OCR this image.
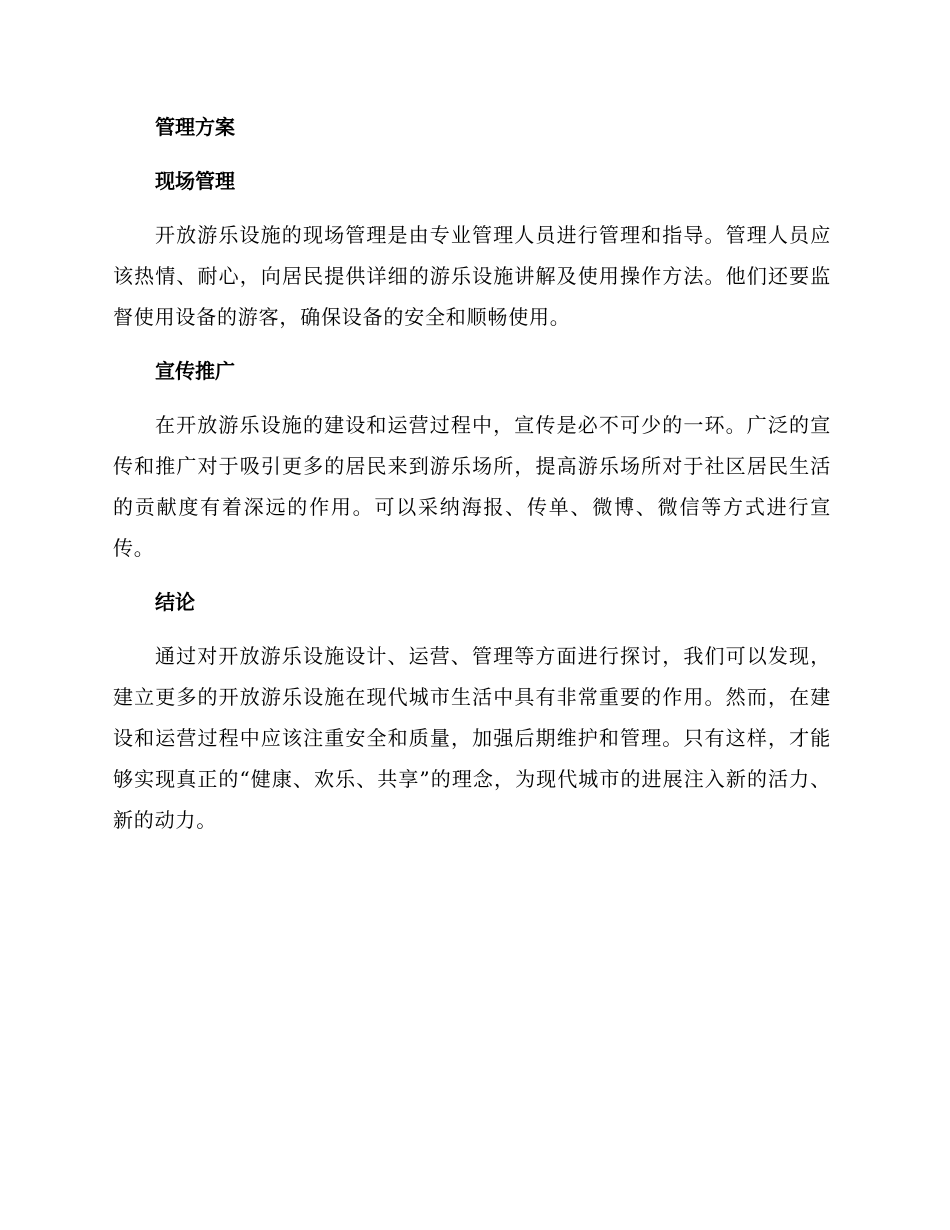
管理方案
现场管理
开放游乐设施的现场管理是由专业管理人员进行管理和指导。管理人员应该热情、耐心，向居民提供详细的游乐设施讲解及使用操作方法。他们还要监督使用设备的游客，确保设备的安全和顺畅使用。
宣传推广
在开放游乐设施的建设和运营过程中，宣传是必不可少的一环。广泛的宣传和推广对于吸引更多的居民来到游乐场所，提高游乐场所对于社区居民生活的贡献度有着深远的作用。可以采纳海报、传单、微博、微信等方式进行宣传。
结论
通过对开放游乐设施设计、运营、管理等方面进行探讨，我们可以发现，建立更多的开放游乐设施在现代城市生活中具有非常重要的作用。然而，在建设和运营过程中应该注重安全和质量，加强后期维护和管理。只有这样，才能够实现真正的“健康、欢乐、共享”的理念，为现代城市的进展注入新的活力、新的动力。
